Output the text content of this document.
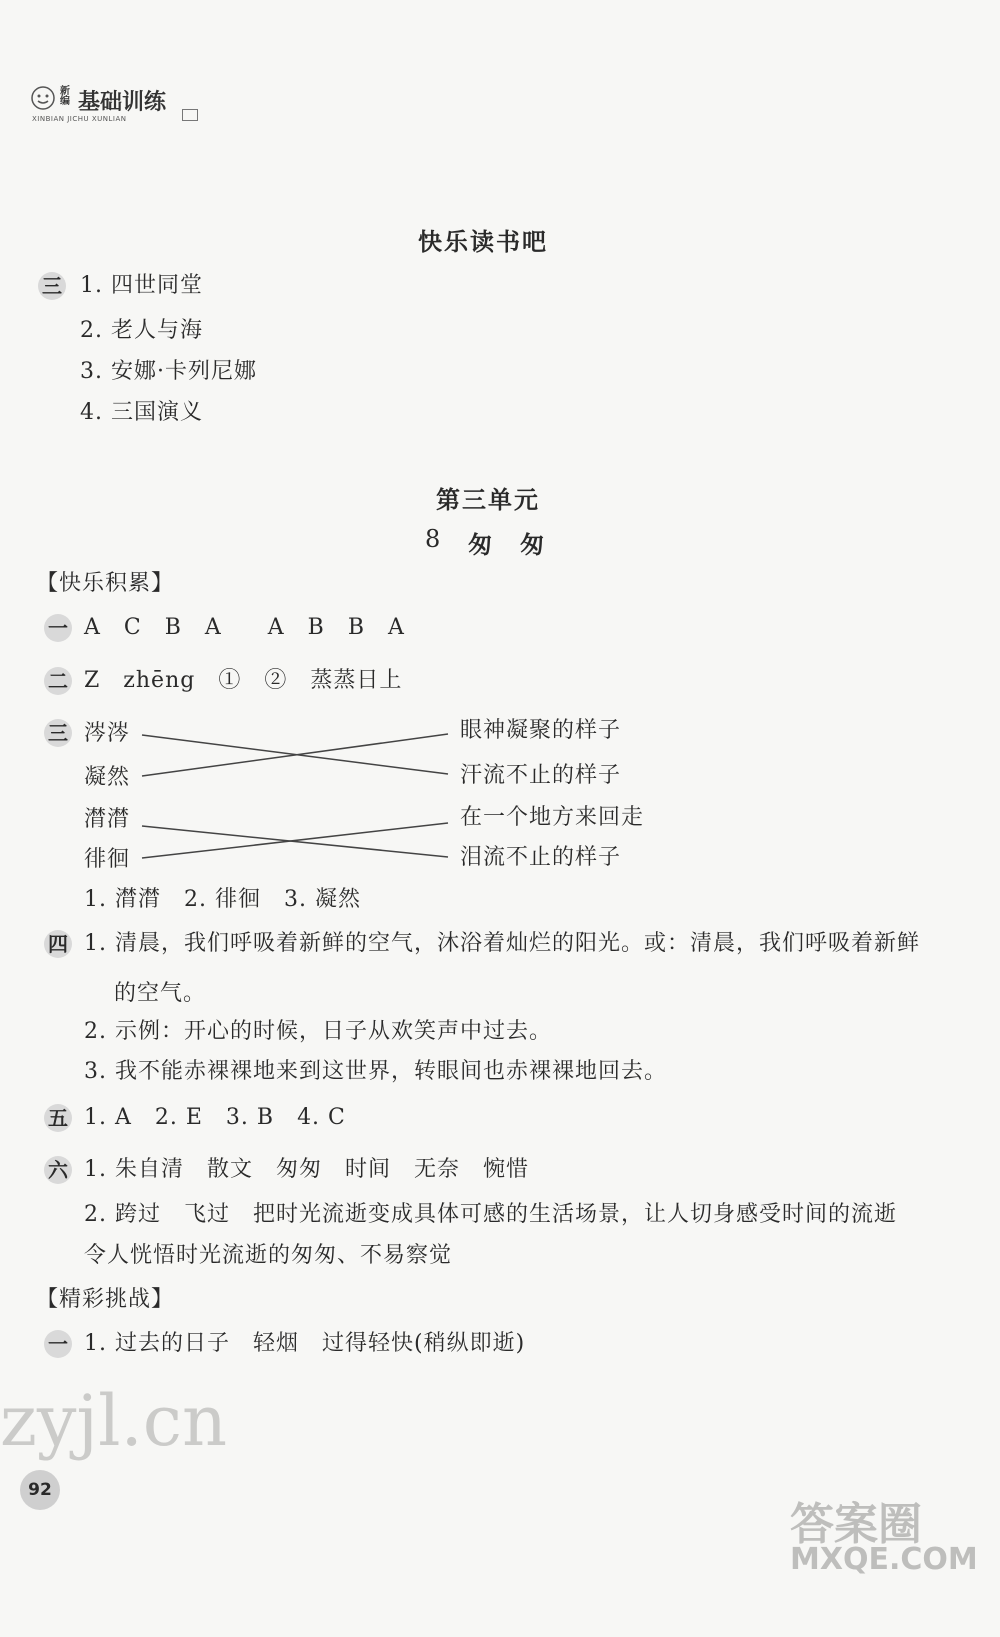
新编 基础训练
XINBIAN JICHU XUNLIAN
快乐读书吧
三 1. 四世同堂
2. 老人与海
3. 安娜·卡列尼娜
4. 三国演义
第三单元
8 匆　匆
【快乐积累】
一 A　C　B　A　　A　B　B　A
二 Z　zhēng　①　②　蒸蒸日上
三 涔涔
凝然
潸潸
徘徊
眼神凝聚的样子
汗流不止的样子
在一个地方来回走
泪流不止的样子
1. 潸潸　2. 徘徊　3. 凝然
四 1. 清晨，我们呼吸着新鲜的空气，沐浴着灿烂的阳光。或：清晨，我们呼吸着新鲜
的空气。
2. 示例：开心的时候，日子从欢笑声中过去。
3. 我不能赤裸裸地来到这世界，转眼间也赤裸裸地回去。
五 1. A　2. E　3. B　4. C
六 1. 朱自清　散文　匆匆　时间　无奈　惋惜
2. 跨过　飞过　把时光流逝变成具体可感的生活场景，让人切身感受时间的流逝
令人恍悟时光流逝的匆匆、不易察觉
【精彩挑战】
一 1. 过去的日子　轻烟　过得轻快(稍纵即逝)
92
zyjl.cn
答案圈
MXQE.COM
